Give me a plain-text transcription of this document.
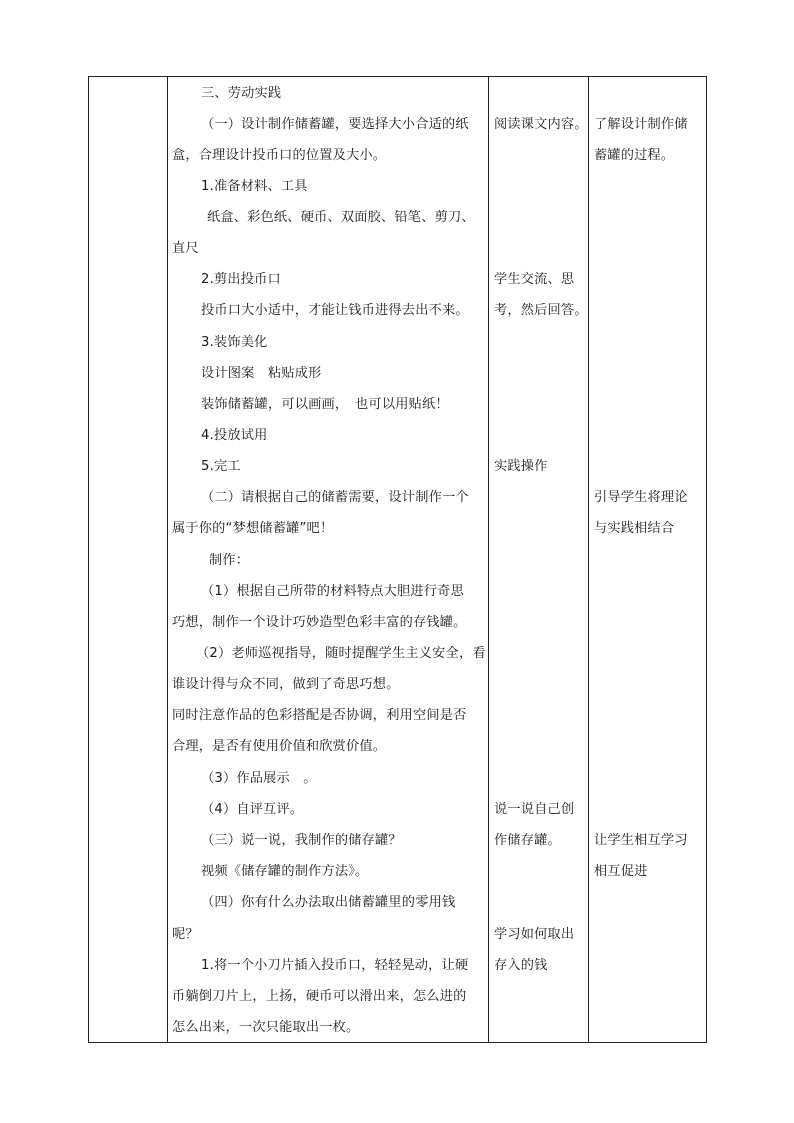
三、劳动实践
（一）设计制作储蓄罐，要选择大小合适的纸
盒，合理设计投币口的位置及大小。
1.准备材料、工具
纸盒、彩色纸、硬币、双面胶、铅笔、剪刀、
直尺
2.剪出投币口
投币口大小适中，才能让钱币进得去出不来。
3.装饰美化
设计图案　粘贴成形
装饰储蓄罐，可以画画，　也可以用贴纸！
4.投放试用
5.完工
（二）请根据自己的储蓄需要，设计制作一个
属于你的“梦想储蓄罐”吧！
制作：
（1）根据自己所带的材料特点大胆进行奇思
巧想，制作一个设计巧妙造型色彩丰富的存钱罐。
（2）老师巡视指导，随时提醒学生主义安全，看
谁设计得与众不同，做到了奇思巧想。
同时注意作品的色彩搭配是否协调，利用空间是否
合理，是否有使用价值和欣赏价值。
（3）作品展示　。
（4）自评互评。
（三）说一说，我制作的储存罐？
视频《储存罐的制作方法》。
（四）你有什么办法取出储蓄罐里的零用钱
呢？
1.将一个小刀片插入投币口，轻轻晃动，让硬
币躺倒刀片上，上扬，硬币可以滑出来，怎么进的
怎么出来，一次只能取出一枚。
阅读课文内容。
学生交流、思
考，然后回答。
实践操作
说一说自己创
作储存罐。
学习如何取出
存入的钱
了解设计制作储
蓄罐的过程。
引导学生将理论
与实践相结合
让学生相互学习
相互促进
